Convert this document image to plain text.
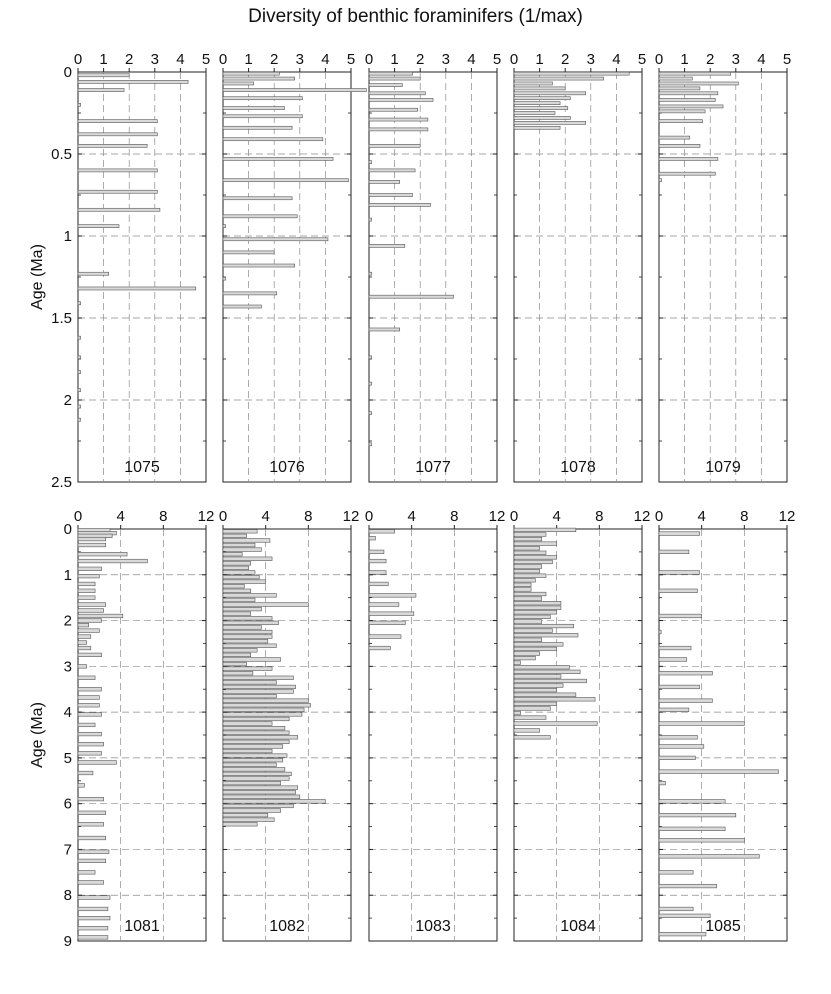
Diversity of benthic foraminifers (1/max)
0 1 2 3 4 5
0
0.5
1
1.5
2
2.5
1075
0 1 2 3 4 5
1076
0 1 2 3 4 5
1077
0 1 2 3 4 5
1078
0 1 2 3 4 5
1079
0 4 8 12
0
1
2
3
4
5
6
7
8
9
1081
0 4 8 12
1082
0 4 8 12
1083
0 4 8 12
1084
0 4 8 12
1085
Age (Ma)
Age (Ma)
